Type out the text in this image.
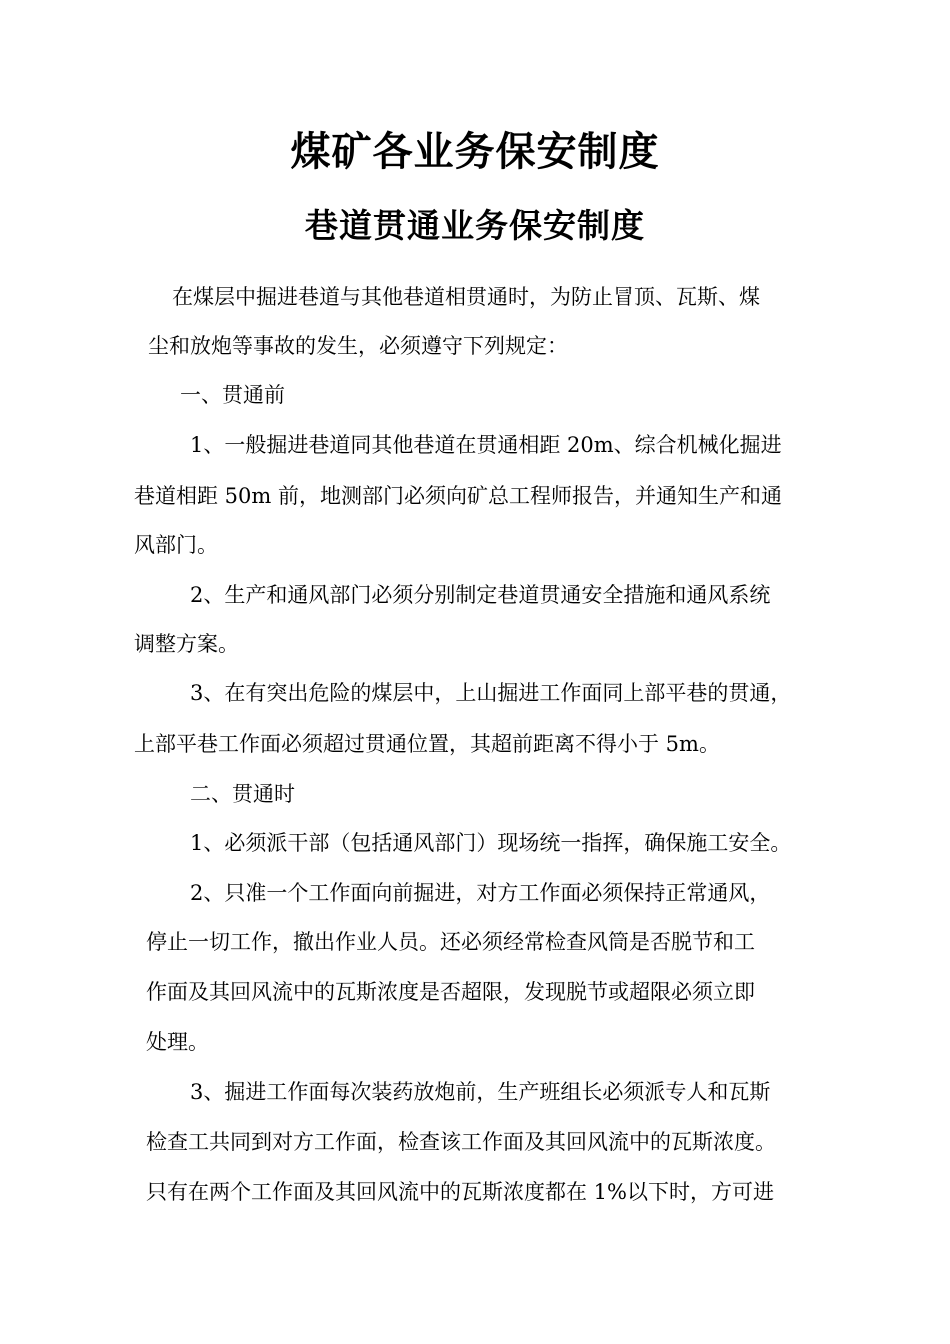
煤矿各业务保安制度
巷道贯通业务保安制度

在煤层中掘进巷道与其他巷道相贯通时，为防止冒顶、瓦斯、煤

尘和放炮等事故的发生，必须遵守下列规定：

一、贯通前

1、一般掘进巷道同其他巷道在贯通相距 20m、综合机械化掘进

巷道相距 50m 前，地测部门必须向矿总工程师报告，并通知生产和通

风部门。

2、生产和通风部门必须分别制定巷道贯通安全措施和通风系统

调整方案。

3、在有突出危险的煤层中，上山掘进工作面同上部平巷的贯通，

上部平巷工作面必须超过贯通位置，其超前距离不得小于 5m。

二、贯通时

1、必须派干部（包括通风部门）现场统一指挥，确保施工安全。

2、只准一个工作面向前掘进，对方工作面必须保持正常通风，

停止一切工作，撤出作业人员。还必须经常检查风筒是否脱节和工

作面及其回风流中的瓦斯浓度是否超限，发现脱节或超限必须立即

处理。

3、掘进工作面每次装药放炮前，生产班组长必须派专人和瓦斯

检查工共同到对方工作面，检查该工作面及其回风流中的瓦斯浓度。

只有在两个工作面及其回风流中的瓦斯浓度都在 1%以下时，方可进
